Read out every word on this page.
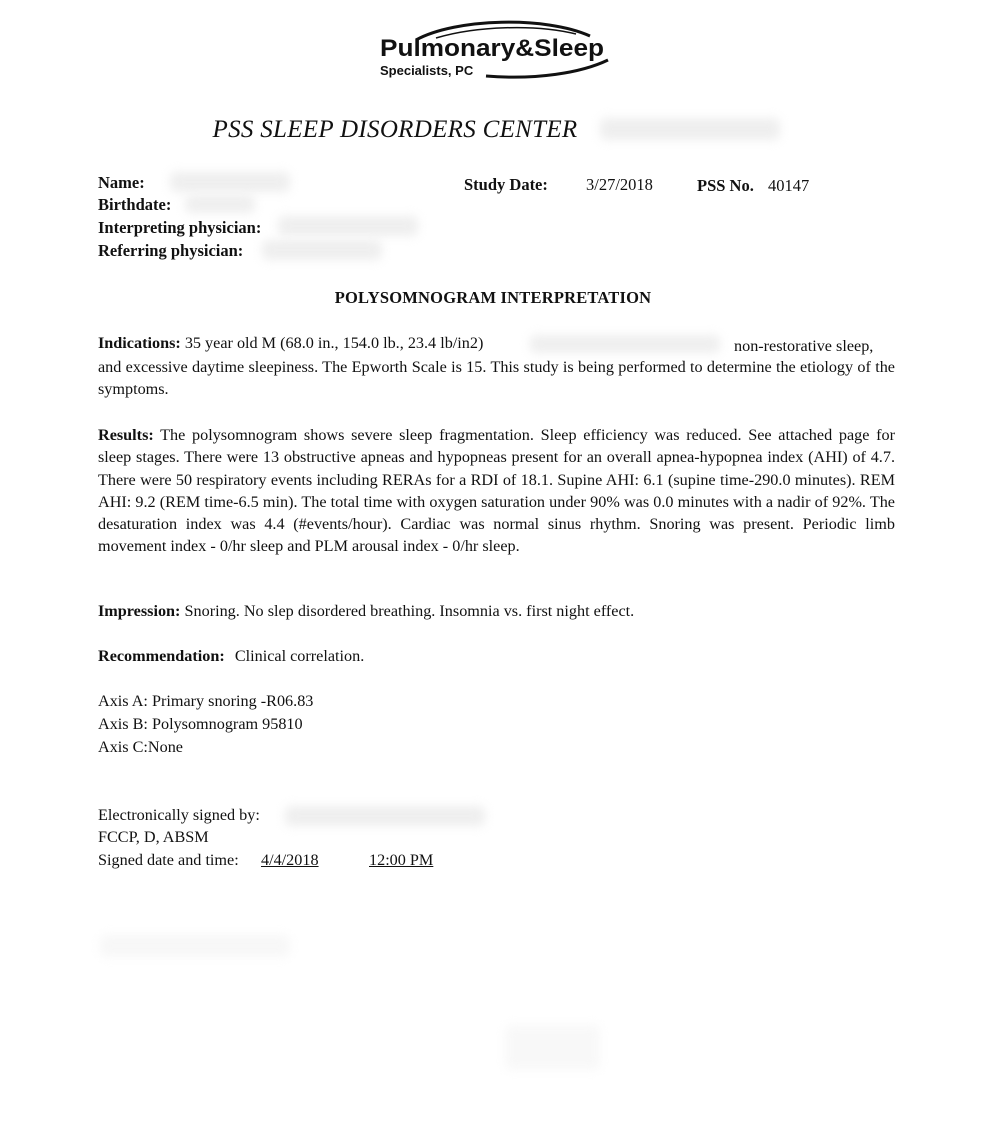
Pulmonary&Sleep
Specialists, PC
PSS SLEEP DISORDERS CENTER
Name:
Birthdate:
Interpreting physician:
Referring physician:
Study Date: 3/27/2018	PSS No. 40147
POLYSOMNOGRAM INTERPRETATION
Indications: 35 year old M (68.0 in., 154.0 lb., 23.4 lb/in2)	non-restorative sleep,
and excessive daytime sleepiness. The Epworth Scale is 15. This study is being performed to determine the etiology of the symptoms.
Results: The polysomnogram shows severe sleep fragmentation. Sleep efficiency was reduced. See attached page for sleep stages. There were 13 obstructive apneas and hypopneas present for an overall apnea-hypopnea index (AHI) of 4.7. There were 50 respiratory events including RERAs for a RDI of 18.1. Supine AHI: 6.1 (supine time-290.0 minutes). REM AHI: 9.2 (REM time-6.5 min). The total time with oxygen saturation under 90% was 0.0 minutes with a nadir of 92%. The desaturation index was 4.4 (#events/hour). Cardiac was normal sinus rhythm. Snoring was present. Periodic limb movement index - 0/hr sleep and PLM arousal index - 0/hr sleep.
Impression: Snoring. No slep disordered breathing. Insomnia vs. first night effect.
Recommendation: Clinical correlation.
Axis A: Primary snoring -R06.83
Axis B: Polysomnogram 95810
Axis C:None
Electronically signed by:
FCCP, D, ABSM
Signed date and time: 4/4/2018	12:00 PM
